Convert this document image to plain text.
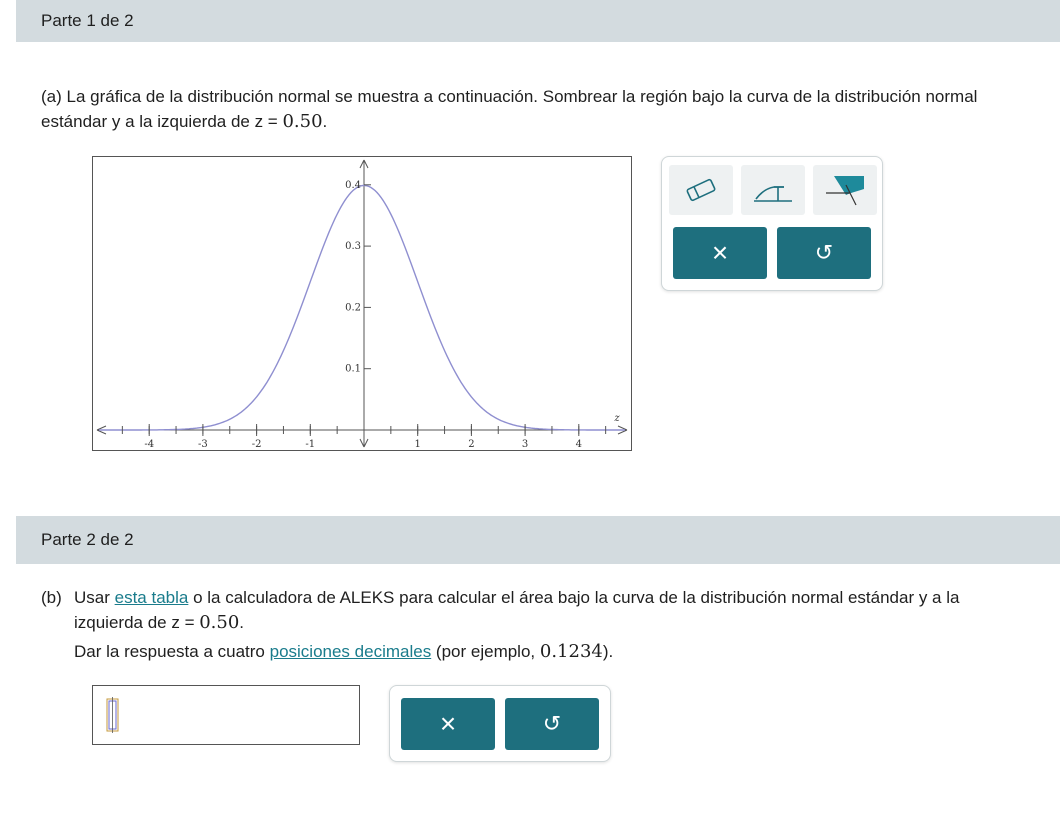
Parte 1 de 2

(a) La gráfica de la distribución normal se muestra a continuación. Sombrear la región bajo la curva de la distribución normal
estándar y a la izquierda de z = 0.50.

-4	-3	-2	-1	1	2	3	4
0.1
0.2
0.3
0.4
z
×	↺
Parte 2 de 2
(b) Usar esta tabla o la calculadora de ALEKS para calcular el área bajo la curva de la distribución normal estándar y a la
izquierda de z = 0.50.
Dar la respuesta a cuatro posiciones decimales (por ejemplo, 0.1234).
×	↺
